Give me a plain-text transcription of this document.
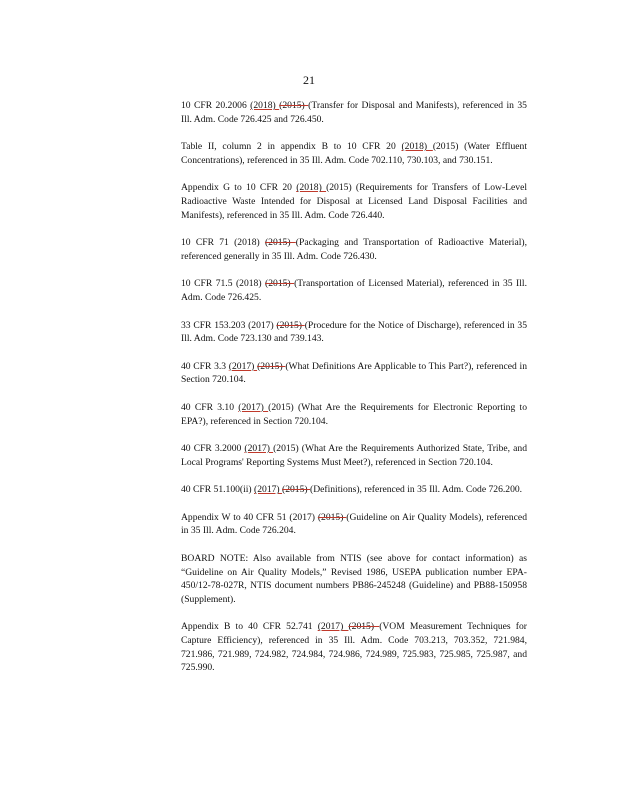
21

10 CFR 20.2006 (2018) (2015) (Transfer for Disposal and Manifests), referenced in 35 Ill. Adm. Code 726.425 and 726.450.

Table II, column 2 in appendix B to 10 CFR 20 (2018) (2015) (Water Effluent Concentrations), referenced in 35 Ill. Adm. Code 702.110, 730.103, and 730.151.

Appendix G to 10 CFR 20 (2018) (2015) (Requirements for Transfers of Low-Level Radioactive Waste Intended for Disposal at Licensed Land Disposal Facilities and Manifests), referenced in 35 Ill. Adm. Code 726.440.

10 CFR 71 (2018) (2015) (Packaging and Transportation of Radioactive Material), referenced generally in 35 Ill. Adm. Code 726.430.

10 CFR 71.5 (2018) (2015) (Transportation of Licensed Material), referenced in 35 Ill. Adm. Code 726.425.

33 CFR 153.203 (2017) (2015) (Procedure for the Notice of Discharge), referenced in 35 Ill. Adm. Code 723.130 and 739.143.

40 CFR 3.3 (2017) (2015) (What Definitions Are Applicable to This Part?), referenced in Section 720.104.

40 CFR 3.10 (2017) (2015) (What Are the Requirements for Electronic Reporting to EPA?), referenced in Section 720.104.

40 CFR 3.2000 (2017) (2015) (What Are the Requirements Authorized State, Tribe, and Local Programs' Reporting Systems Must Meet?), referenced in Section 720.104.

40 CFR 51.100(ii) (2017) (2015) (Definitions), referenced in 35 Ill. Adm. Code 726.200.

Appendix W to 40 CFR 51 (2017) (2015) (Guideline on Air Quality Models), referenced in 35 Ill. Adm. Code 726.204.

BOARD NOTE: Also available from NTIS (see above for contact information) as “Guideline on Air Quality Models,” Revised 1986, USEPA publication number EPA-450/12-78-027R, NTIS document numbers PB86-245248 (Guideline) and PB88-150958 (Supplement).

Appendix B to 40 CFR 52.741 (2017) (2015) (VOM Measurement Techniques for Capture Efficiency), referenced in 35 Ill. Adm. Code 703.213, 703.352, 721.984, 721.986, 721.989, 724.982, 724.984, 724.986, 724.989, 725.983, 725.985, 725.987, and 725.990.
